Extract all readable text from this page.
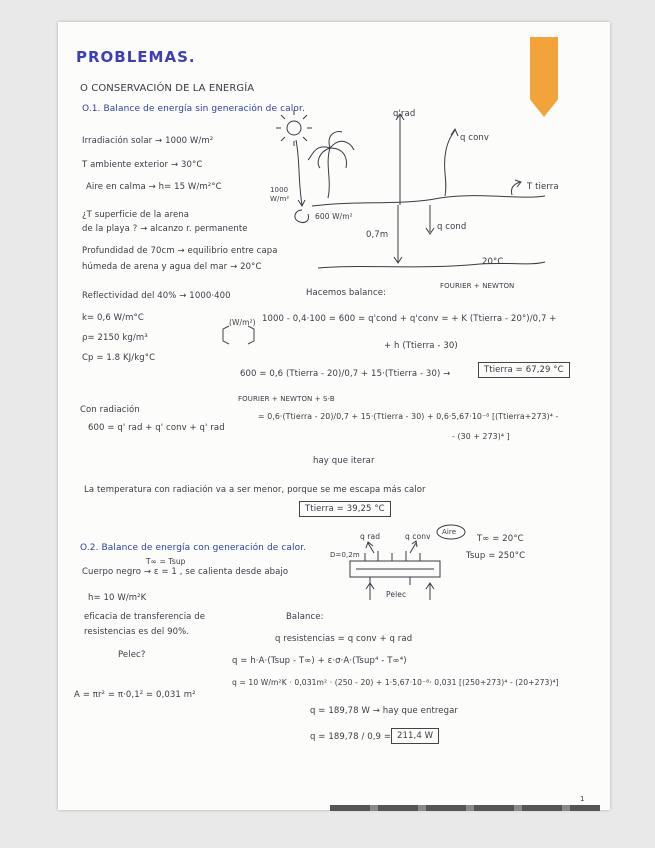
PROBLEMAS.
O CONSERVACIÓN DE LA ENERGÍA
O.1. Balance de energía sin generación de calor.
Irradiación solar → 1000 W/m²
T ambiente exterior → 30°C
Aire en calma → h= 15 W/m²°C
¿T superficie de la arena
de la playa ? → alcanzo r. permanente
Profundidad de 70cm → equilibrio entre capa
húmeda de arena y agua del mar → 20°C
Reflectividad del 40% → 1000·400
k= 0,6 W/m°C
ρ= 2150 kg/m³
Cp = 1.8 KJ/kg°C
q'rad
q conv
T tierra
1000 W/m²
600 W/m²
q cond
0,7m
20°C
Hacemos balance:
FOURIER + NEWTON
(W/m²) 1000 - 0,4·100 = 600 = q'cond + q'conv = + K (Ttierra - 20°)/0,7 +
+ h (Ttierra - 30)
600 = 0,6 (Ttierra - 20)/0,7 + 15·(Ttierra - 30) →	Ttierra = 67,29 °C
Con radiación
FOURIER + NEWTON + S-B
600 = q' rad + q' conv + q' rad
= 0,6·(Ttierra - 20)/0,7 + 15·(Ttierra - 30) + 0,6·5,67·10⁻⁸ [(Ttierra+273)⁴ -
- (30 + 273)⁴ ]
hay que iterar
La temperatura con radiación va a ser menor, porque se me escapa más calor
Ttierra = 39,25 °C
O.2. Balance de energía con generación de calor.
T∞ = Tsup
Cuerpo negro → ε = 1 , se calienta desde abajo
h= 10 W/m²K
eficacia de transferencia de
resistencias es del 90%.
Pelec?
q rad	q conv Aire
D=0,2m
Pelec
T∞ = 20°C
Tsup = 250°C
Balance:
q resistencias = q conv + q rad
q = h·A·(Tsup - T∞) + ε·σ·A·(Tsup⁴ - T∞⁴)
q = 10 W/m²K · 0,031m² · (250 - 20) + 1·5,67·10⁻⁸· 0,031 [(250+273)⁴ - (20+273)⁴]
A = πr² = π·0,1² = 0,031 m²
q = 189,78 W → hay que entregar
q = 189,78 / 0,9 = 211,4 W
1
